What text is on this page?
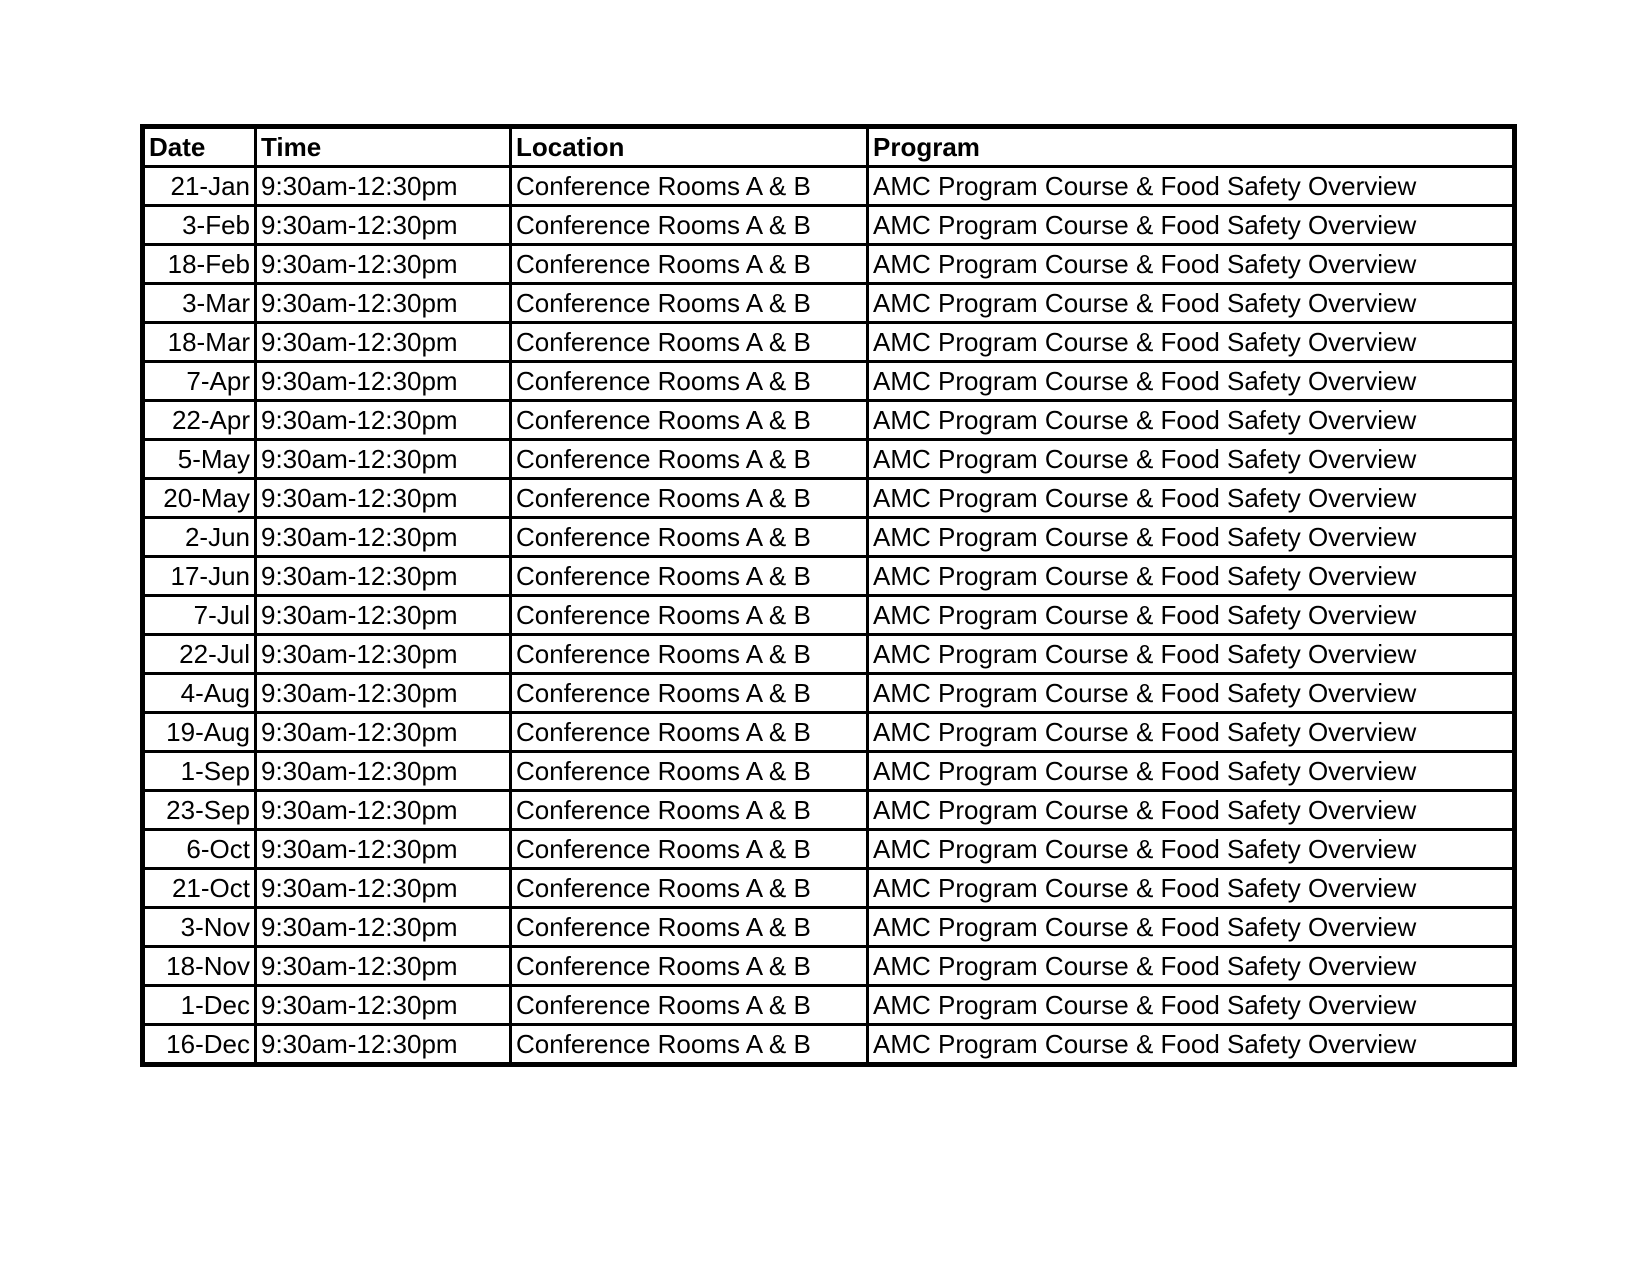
Date	Time	Location	Program
21-Jan	9:30am-12:30pm	Conference Rooms A & B	AMC Program Course & Food Safety Overview
3-Feb	9:30am-12:30pm	Conference Rooms A & B	AMC Program Course & Food Safety Overview
18-Feb	9:30am-12:30pm	Conference Rooms A & B	AMC Program Course & Food Safety Overview
3-Mar	9:30am-12:30pm	Conference Rooms A & B	AMC Program Course & Food Safety Overview
18-Mar	9:30am-12:30pm	Conference Rooms A & B	AMC Program Course & Food Safety Overview
7-Apr	9:30am-12:30pm	Conference Rooms A & B	AMC Program Course & Food Safety Overview
22-Apr	9:30am-12:30pm	Conference Rooms A & B	AMC Program Course & Food Safety Overview
5-May	9:30am-12:30pm	Conference Rooms A & B	AMC Program Course & Food Safety Overview
20-May	9:30am-12:30pm	Conference Rooms A & B	AMC Program Course & Food Safety Overview
2-Jun	9:30am-12:30pm	Conference Rooms A & B	AMC Program Course & Food Safety Overview
17-Jun	9:30am-12:30pm	Conference Rooms A & B	AMC Program Course & Food Safety Overview
7-Jul	9:30am-12:30pm	Conference Rooms A & B	AMC Program Course & Food Safety Overview
22-Jul	9:30am-12:30pm	Conference Rooms A & B	AMC Program Course & Food Safety Overview
4-Aug	9:30am-12:30pm	Conference Rooms A & B	AMC Program Course & Food Safety Overview
19-Aug	9:30am-12:30pm	Conference Rooms A & B	AMC Program Course & Food Safety Overview
1-Sep	9:30am-12:30pm	Conference Rooms A & B	AMC Program Course & Food Safety Overview
23-Sep	9:30am-12:30pm	Conference Rooms A & B	AMC Program Course & Food Safety Overview
6-Oct	9:30am-12:30pm	Conference Rooms A & B	AMC Program Course & Food Safety Overview
21-Oct	9:30am-12:30pm	Conference Rooms A & B	AMC Program Course & Food Safety Overview
3-Nov	9:30am-12:30pm	Conference Rooms A & B	AMC Program Course & Food Safety Overview
18-Nov	9:30am-12:30pm	Conference Rooms A & B	AMC Program Course & Food Safety Overview
1-Dec	9:30am-12:30pm	Conference Rooms A & B	AMC Program Course & Food Safety Overview
16-Dec	9:30am-12:30pm	Conference Rooms A & B	AMC Program Course & Food Safety Overview
